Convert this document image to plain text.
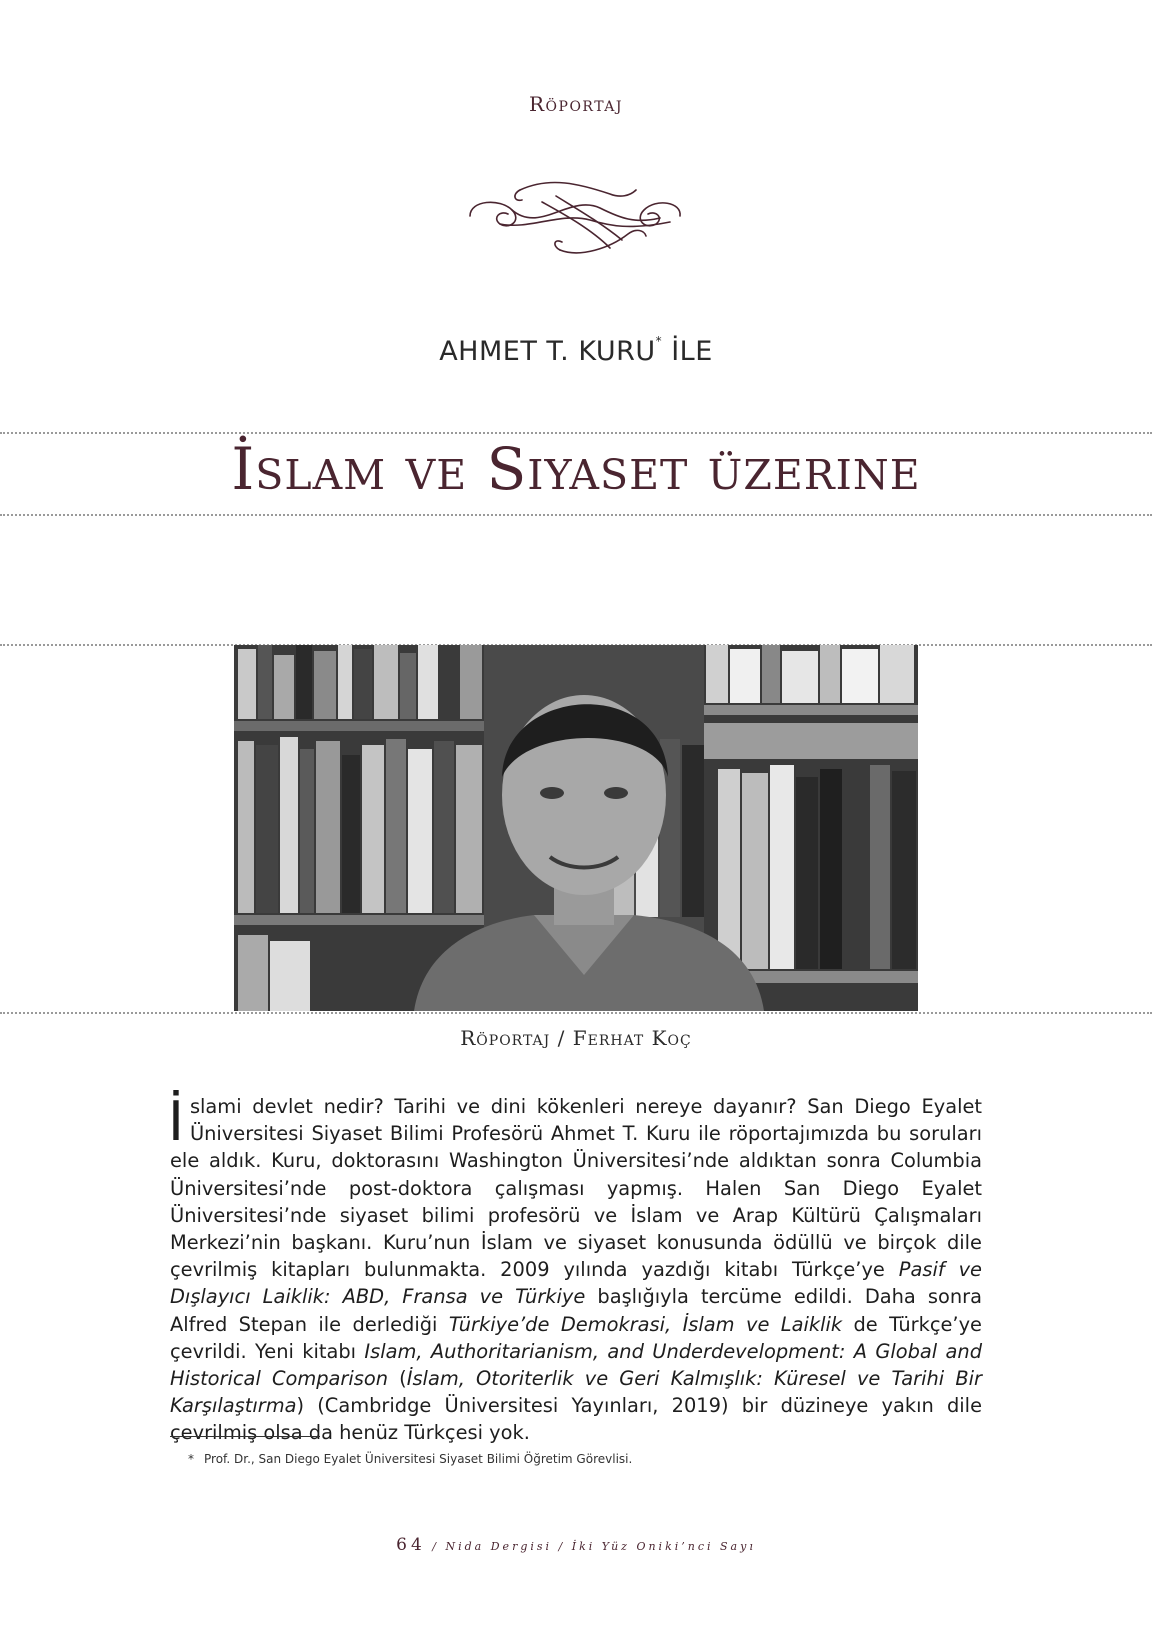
Röportaj
AHMET T. KURU* İLE
İslam ve Siyaset üzerine
Röportaj / Ferhat Koç

İslami devlet nedir? Tarihi ve dini kökenleri nereye dayanır? San Diego Eyalet Üniversitesi Siyaset Bilimi Profesörü Ahmet T. Kuru ile röportajımızda bu soruları ele aldık. Kuru, doktorasını Washington Üniversitesi’nde aldıktan sonra Columbia Üniversitesi’nde post-doktora çalışması yapmış. Halen San Diego Eyalet Üniversitesi’nde siyaset bilimi profesörü ve İslam ve Arap Kültürü Çalışmaları Merkezi’nin başkanı. Kuru’nun İslam ve siyaset konusunda ödüllü ve birçok dile çevrilmiş kitapları bulunmakta. 2009 yılında yazdığı kitabı Türkçe’ye Pasif ve Dışlayıcı Laiklik: ABD, Fransa ve Türkiye başlığıyla tercüme edildi. Daha sonra Alfred Stepan ile derlediği Türkiye’de Demokrasi, İslam ve Laiklik de Türkçe’ye çevrildi. Yeni kitabı Islam, Authoritarianism, and Underdevelopment: A Global and Historical Comparison (İslam, Otoriterlik ve Geri Kalmışlık: Küresel ve Tarihi Bir Karşılaştırma) (Cambridge Üniversitesi Yayınları, 2019) bir düzineye yakın dile çevrilmiş olsa da henüz Türkçesi yok.

* Prof. Dr., San Diego Eyalet Üniversitesi Siyaset Bilimi Öğretim Görevlisi.
64 / Nida Dergisi / İki Yüz Oniki’nci Sayı
